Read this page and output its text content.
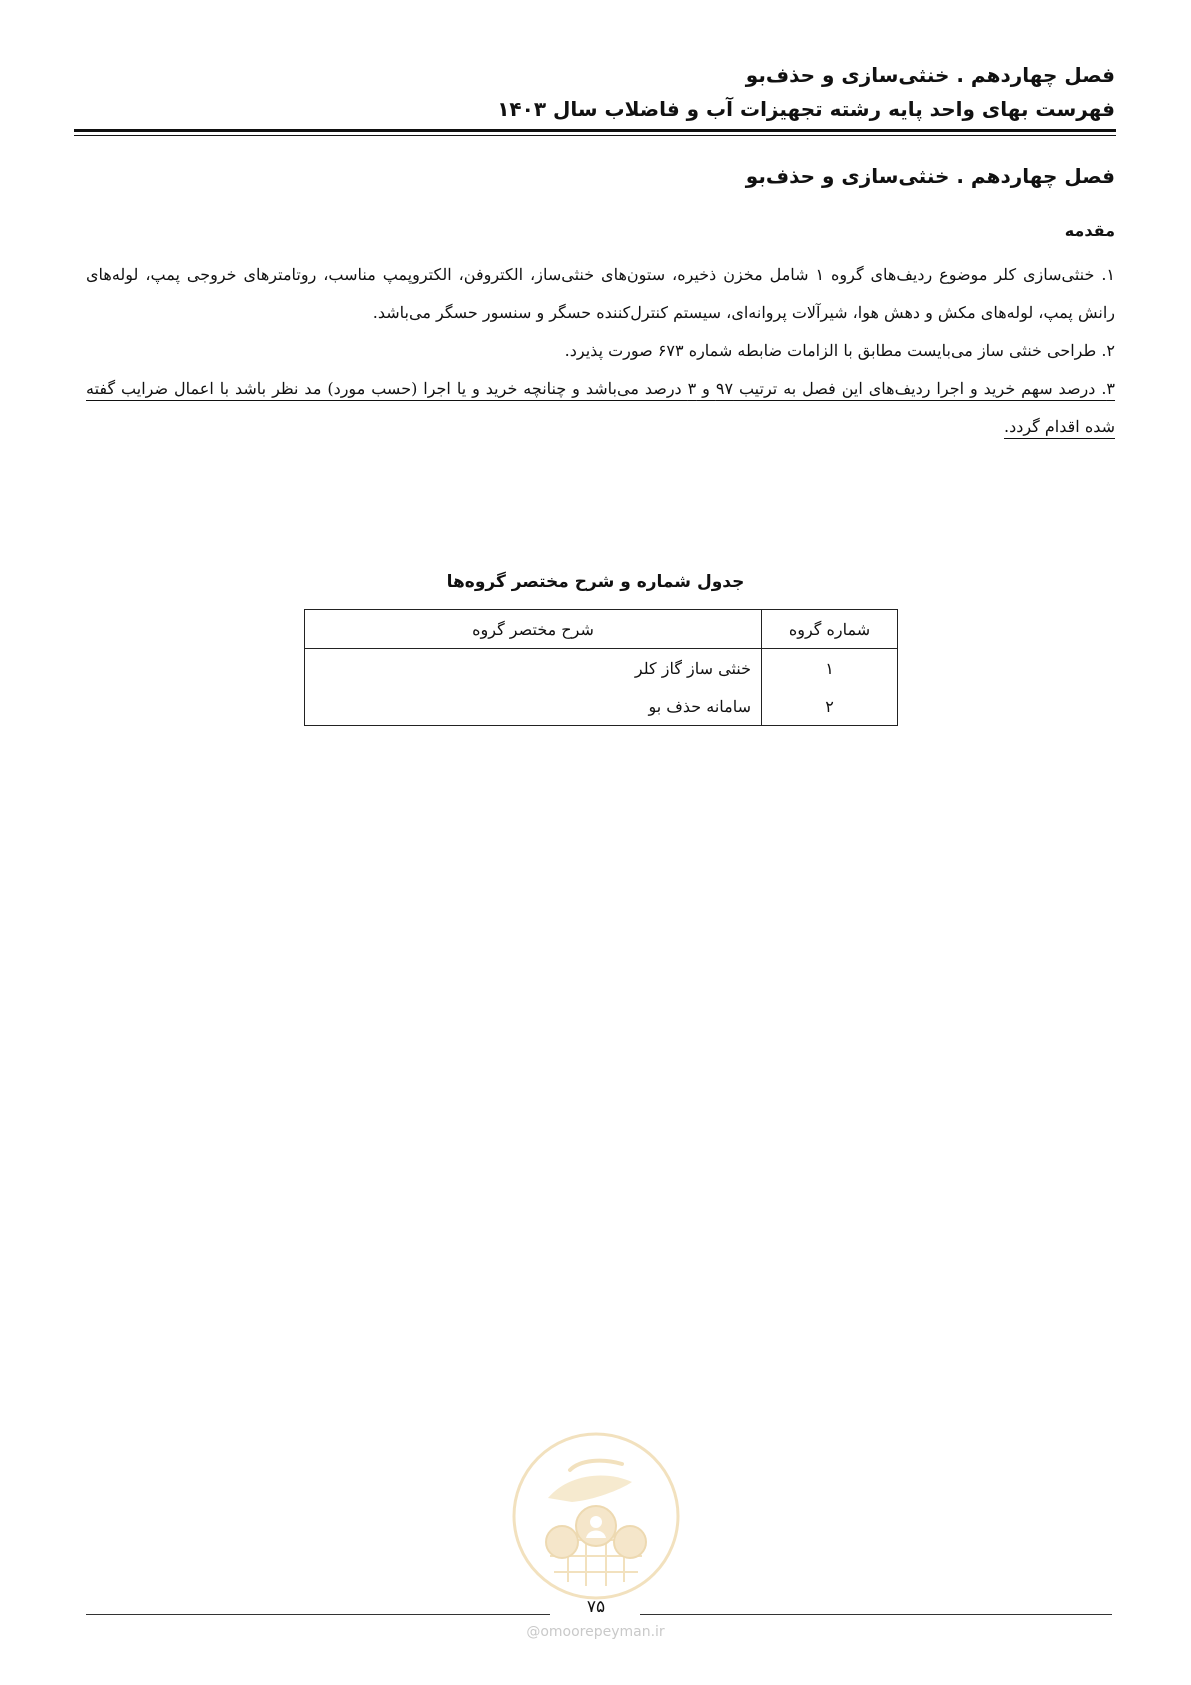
فصل چهاردهم . خنثی‌سازی و حذف‌بو
فهرست بهای واحد پایه رشته تجهیزات آب و فاضلاب سال ۱۴۰۳
فصل چهاردهم . خنثی‌سازی و حذف‌بو
مقدمه

۱. خنثی‌سازی کلر موضوع ردیف‌های گروه ۱ شامل مخزن ذخیره، ستون‌های خنثی‌ساز، الکتروفن، الکتروپمپ مناسب، روتامترهای خروجی پمپ، لوله‌های رانش پمپ، لوله‌های مکش و دهش هوا، شیرآلات پروانه‌ای، سیستم کنترل‌کننده حسگر و سنسور حسگر می‌باشد.

۲. طراحی خنثی ساز می‌بایست مطابق با الزامات ضابطه شماره ۶۷۳ صورت پذیرد.

۳. درصد سهم خرید و اجرا ردیف‌های این فصل به ترتیب ۹۷ و ۳ درصد می‌باشد و چنانچه خرید و یا اجرا (حسب مورد) مد نظر باشد با اعمال ضرایب گفته شده اقدام گردد.

جدول شماره و شرح مختصر گروه‌ها
شماره گروه	شرح مختصر گروه
۱	خنثی ساز گاز کلر
۲	سامانه حذف بو
۷۵
@omoorepeyman.ir
